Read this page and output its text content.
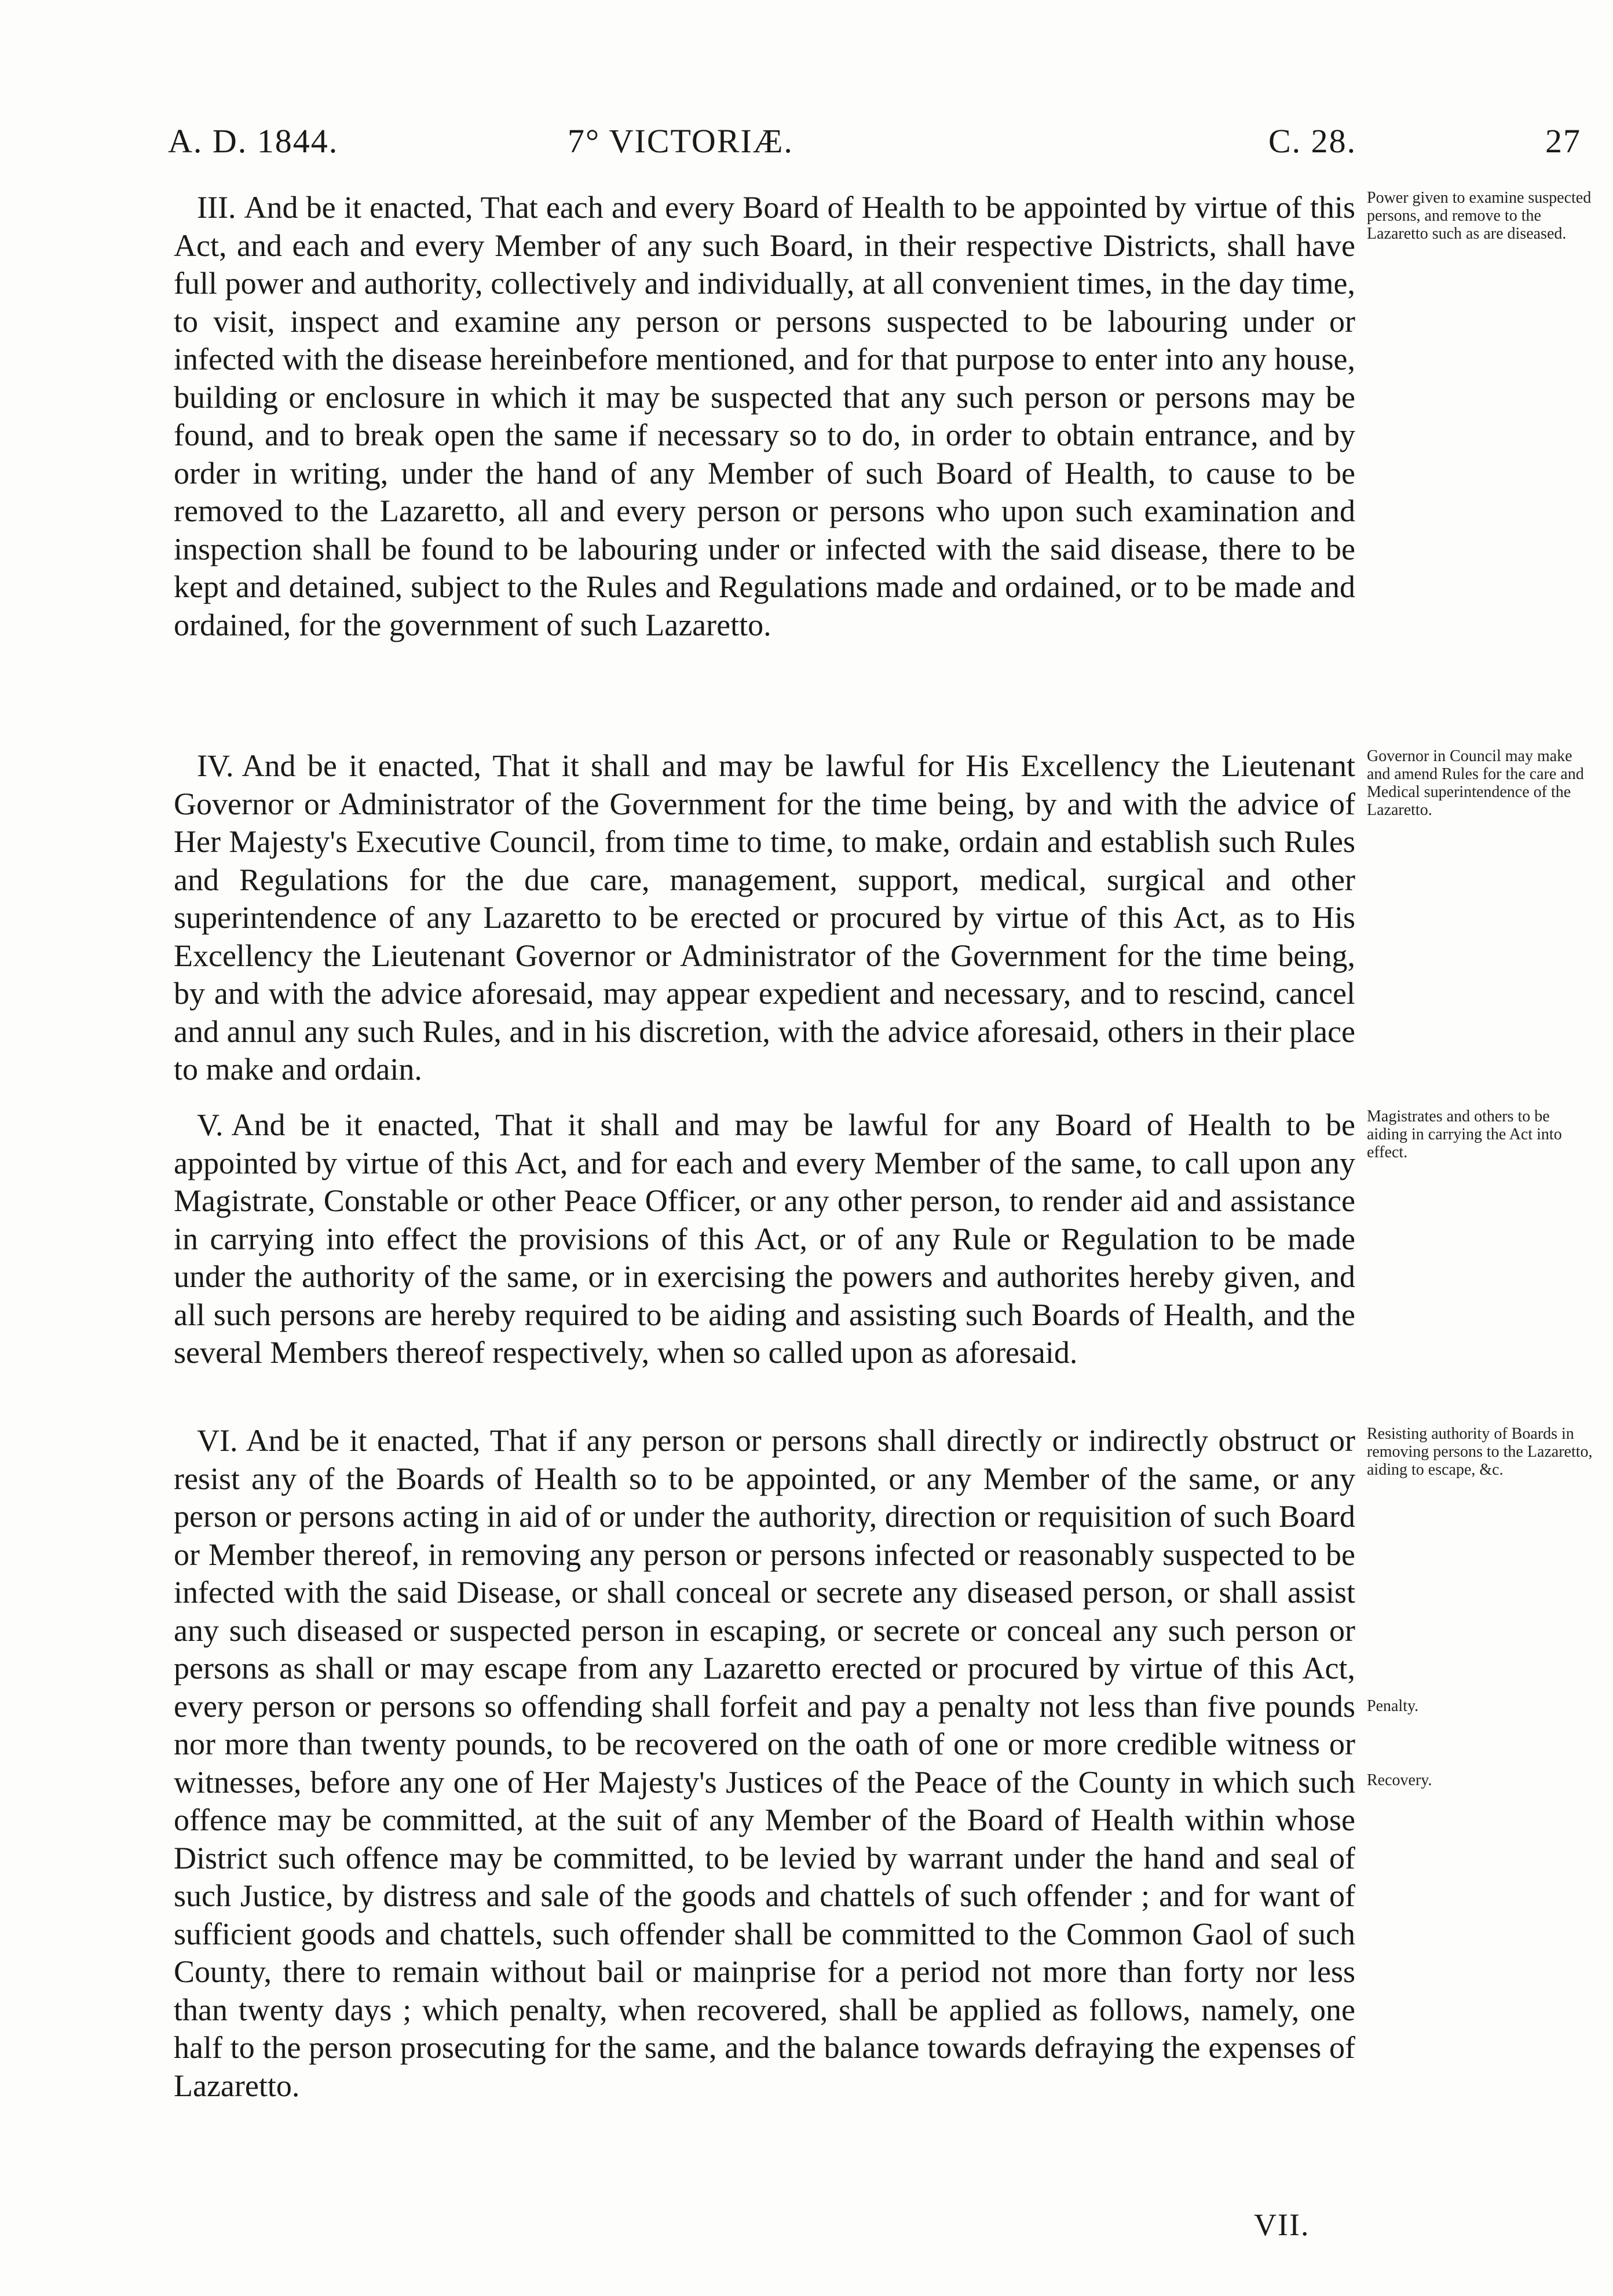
A. D. 1844.	7° VICTORIÆ.	C. 28.	27
III. And be it enacted, That each and every Board of Health to be appointed by virtue of this Act, and each and every Member of any such Board, in their respective Districts, shall have full power and authority, collectively and individually, at all convenient times, in the day time, to visit, inspect and examine any person or persons suspected to be labouring under or infected with the disease hereinbefore mentioned, and for that purpose to enter into any house, building or enclosure in which it may be suspected that any such person or persons may be found, and to break open the same if necessary so to do, in order to obtain entrance, and by order in writing, under the hand of any Member of such Board of Health, to cause to be removed to the Lazaretto, all and every person or persons who upon such examination and inspection shall be found to be labouring under or infected with the said disease, there to be kept and detained, subject to the Rules and Regulations made and ordained, or to be made and ordained, for the government of such Lazaretto.
Power given to examine suspected persons, and remove to the Lazaretto such as are diseased.
IV. And be it enacted, That it shall and may be lawful for His Excellency the Lieutenant Governor or Administrator of the Government for the time being, by and with the advice of Her Majesty's Executive Council, from time to time, to make, ordain and establish such Rules and Regulations for the due care, management, support, medical, surgical and other superintendence of any Lazaretto to be erected or procured by virtue of this Act, as to His Excellency the Lieutenant Governor or Administrator of the Government for the time being, by and with the advice aforesaid, may appear expedient and necessary, and to rescind, cancel and annul any such Rules, and in his discretion, with the advice aforesaid, others in their place to make and ordain.
Governor in Council may make and amend Rules for the care and Medical superintendence of the Lazaretto.
V. And be it enacted, That it shall and may be lawful for any Board of Health to be appointed by virtue of this Act, and for each and every Member of the same, to call upon any Magistrate, Constable or other Peace Officer, or any other person, to render aid and assistance in carrying into effect the provisions of this Act, or of any Rule or Regulation to be made under the authority of the same, or in exercising the powers and authorites hereby given, and all such persons are hereby required to be aiding and assisting such Boards of Health, and the several Members thereof respectively, when so called upon as aforesaid.
Magistrates and others to be aiding in carrying the Act into effect.
VI. And be it enacted, That if any person or persons shall directly or indirectly obstruct or resist any of the Boards of Health so to be appointed, or any Member of the same, or any person or persons acting in aid of or under the authority, direction or requisition of such Board or Member thereof, in removing any person or persons infected or reasonably suspected to be infected with the said Disease, or shall conceal or secrete any diseased person, or shall assist any such diseased or suspected person in escaping, or secrete or conceal any such person or persons as shall or may escape from any Lazaretto erected or procured by virtue of this Act, every person or persons so offending shall forfeit and pay a penalty not less than five pounds nor more than twenty pounds, to be recovered on the oath of one or more credible witness or witnesses, before any one of Her Majesty's Justices of the Peace of the County in which such offence may be committed, at the suit of any Member of the Board of Health within whose District such offence may be committed, to be levied by warrant under the hand and seal of such Justice, by distress and sale of the goods and chattels of such offender ; and for want of sufficient goods and chattels, such offender shall be committed to the Common Gaol of such County, there to remain without bail or mainprise for a period not more than forty nor less than twenty days ; which penalty, when recovered, shall be applied as follows, namely, one half to the person prosecuting for the same, and the balance towards defraying the expenses of Lazaretto.
Resisting authority of Boards in removing persons to the Lazaretto, aiding to escape, &c.
Penalty.
Recovery.
VII.
